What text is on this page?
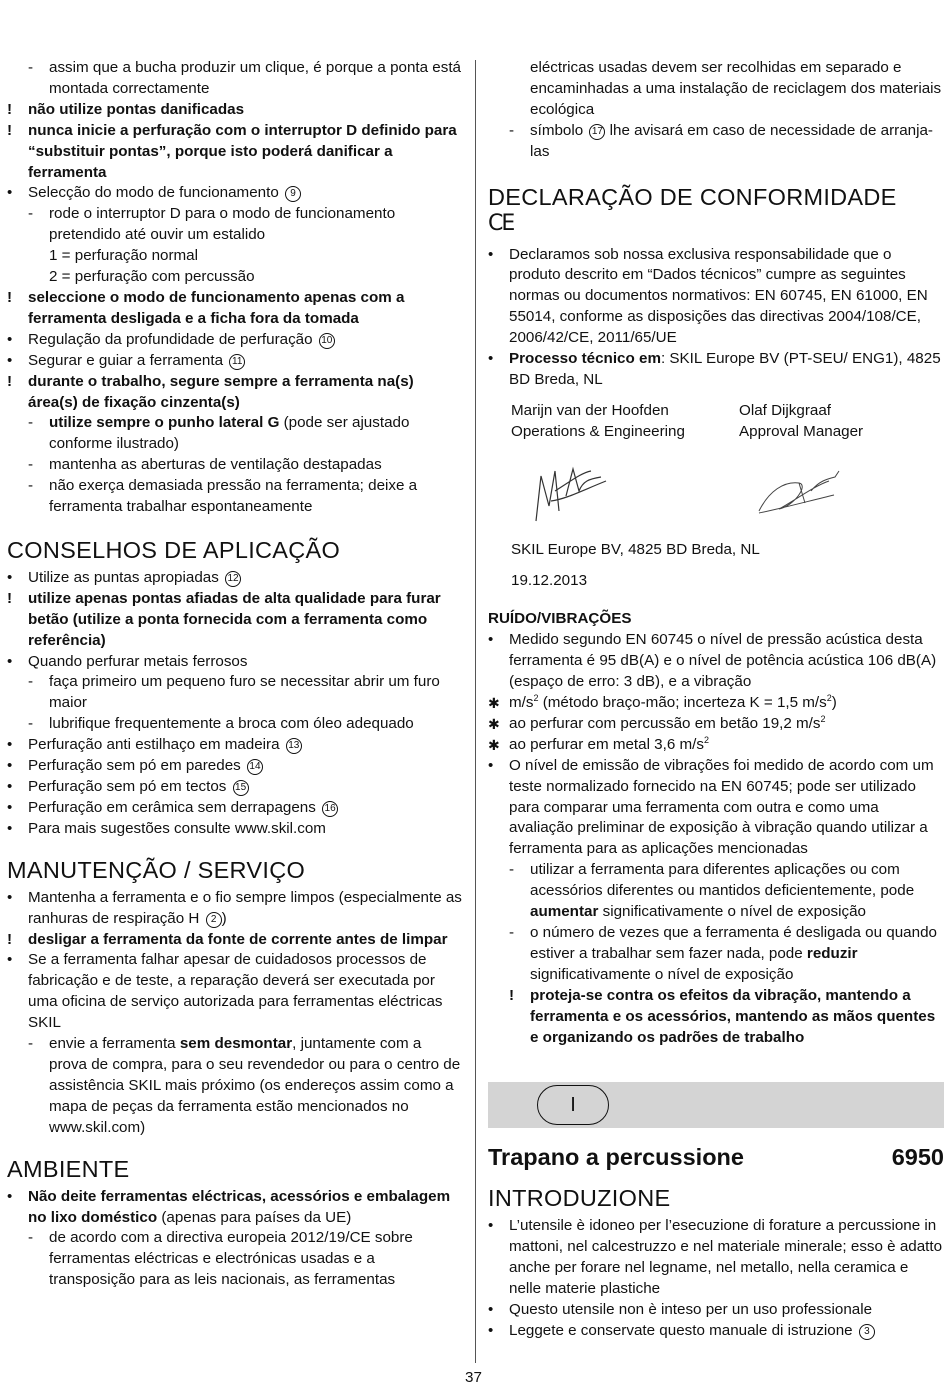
-
assim que a bucha produzir um clique, é porque a ponta está montada correctamente
!
não utilize pontas danificadas
!
nunca inicie a perfuração com o interruptor D definido para “substituir pontas”, porque isto poderá danificar a ferramenta
•
Selecção do modo de funcionamento 9
-
rode o interruptor D para o modo de funcionamento pretendido até ouvir um estalido
1 = perfuração normal
2 = perfuração com percussão
!
seleccione o modo de funcionamento apenas com a ferramenta desligada e a ficha fora da tomada
•
Regulação da profundidade de perfuração 10
•
Segurar e guiar a ferramenta 11
!
durante o trabalho, segure sempre a ferramenta na(s) área(s) de fixação cinzenta(s)
-
utilize sempre o punho lateral G (pode ser ajustado conforme ilustrado)
-
mantenha as aberturas de ventilação destapadas
-
não exerça demasiada pressão na ferramenta; deixe a ferramenta trabalhar espontaneamente
CONSELHOS DE APLICAÇÃO
•
Utilize as puntas apropiadas 12
!
utilize apenas pontas afiadas de alta qualidade para furar betão (utilize a ponta fornecida com a ferramenta como referência)
•
Quando perfurar metais ferrosos
-
faça primeiro um pequeno furo se necessitar abrir um furo maior
-
lubrifique frequentemente a broca com óleo adequado
•
Perfuração anti estilhaço em madeira 13
•
Perfuração sem pó em paredes 14
•
Perfuração sem pó em tectos 15
•
Perfuração em cerâmica sem derrapagens 16
•
Para mais sugestões consulte www.skil.com
MANUTENÇÃO / SERVIÇO
•
Mantenha a ferramenta e o fio sempre limpos (especialmente as ranhuras de respiração H 2 )
!
desligar a ferramenta da fonte de corrente antes de limpar
•
Se a ferramenta falhar apesar de cuidadosos processos de fabricação e de teste, a reparação deverá ser executada por uma oficina de serviço autorizada para ferramentas eléctricas SKIL
-
envie a ferramenta sem desmontar, juntamente com a prova de compra, para o seu revendedor ou para o centro de assistência SKIL mais próximo (os endereços assim como a mapa de peças da ferramenta estão mencionados no www.skil.com)
AMBIENTE
•
Não deite ferramentas eléctricas, acessórios e embalagem no lixo doméstico (apenas para países da UE)
-
de acordo com a directiva europeia 2012/19/CE sobre ferramentas eléctricas e electrónicas usadas e a transposição para as leis nacionais, as ferramentas
eléctricas usadas devem ser recolhidas em separado e encaminhadas a uma instalação de reciclagem dos materiais ecológica
-
símbolo 17 lhe avisará em caso de necessidade de arranja-las
DECLARAÇÃO DE CONFORMIDADE
CE
•
Declaramos sob nossa exclusiva responsabilidade que o produto descrito em “Dados técnicos” cumpre as seguintes normas ou documentos normativos: EN 60745, EN 61000, EN 55014, conforme as disposições das directivas 2004/108/CE, 2006/42/CE, 2011/65/UE
•
Processo técnico em: SKIL Europe BV (PT-SEU/ ENG1), 4825 BD Breda, NL
Marijn van der Hoofden
Operations & Engineering
Olaf Dijkgraaf
Approval Manager
SKIL Europe BV, 4825 BD Breda, NL
19.12.2013
RUÍDO/VIBRAÇÕES
•
Medido segundo EN 60745 o nível de pressão acústica desta ferramenta é 95 dB(A) e o nível de potência acústica 106 dB(A) (espaço de erro: 3 dB), e a vibração
✱
$m/s^2$ (método braço-mão; incerteza K = 1,5 $m/s^2$)
✱
ao perfurar com percussão em betão 19,2 $m/s^2$
✱
ao perfurar em metal 3,6 $m/s^2$
•
O nível de emissão de vibrações foi medido de acordo com um teste normalizado fornecido na EN 60745; pode ser utilizado para comparar uma ferramenta com outra e como uma avaliação preliminar de exposição à vibração quando utilizar a ferramenta para as aplicações mencionadas
-
utilizar a ferramenta para diferentes aplicações ou com acessórios diferentes ou mantidos deficientemente, pode aumentar significativamente o nível de exposição
-
o número de vezes que a ferramenta é desligada ou quando estiver a trabalhar sem fazer nada, pode reduzir significativamente o nível de exposição
!
proteja-se contra os efeitos da vibração, mantendo a ferramenta e os acessórios, mantendo as mãos quentes e organizando os padrões de trabalho
I
Trapano a percussione	6950
INTRODUZIONE
•
L’utensile è idoneo per l’esecuzione di forature a percussione in mattoni, nel calcestruzzo e nel materiale minerale; esso è adatto anche per forare nel legname, nel metallo, nella ceramica e nelle materie plastiche
•
Questo utensile non è inteso per un uso professionale
•
Leggete e conservate questo manuale di istruzione 3
37
